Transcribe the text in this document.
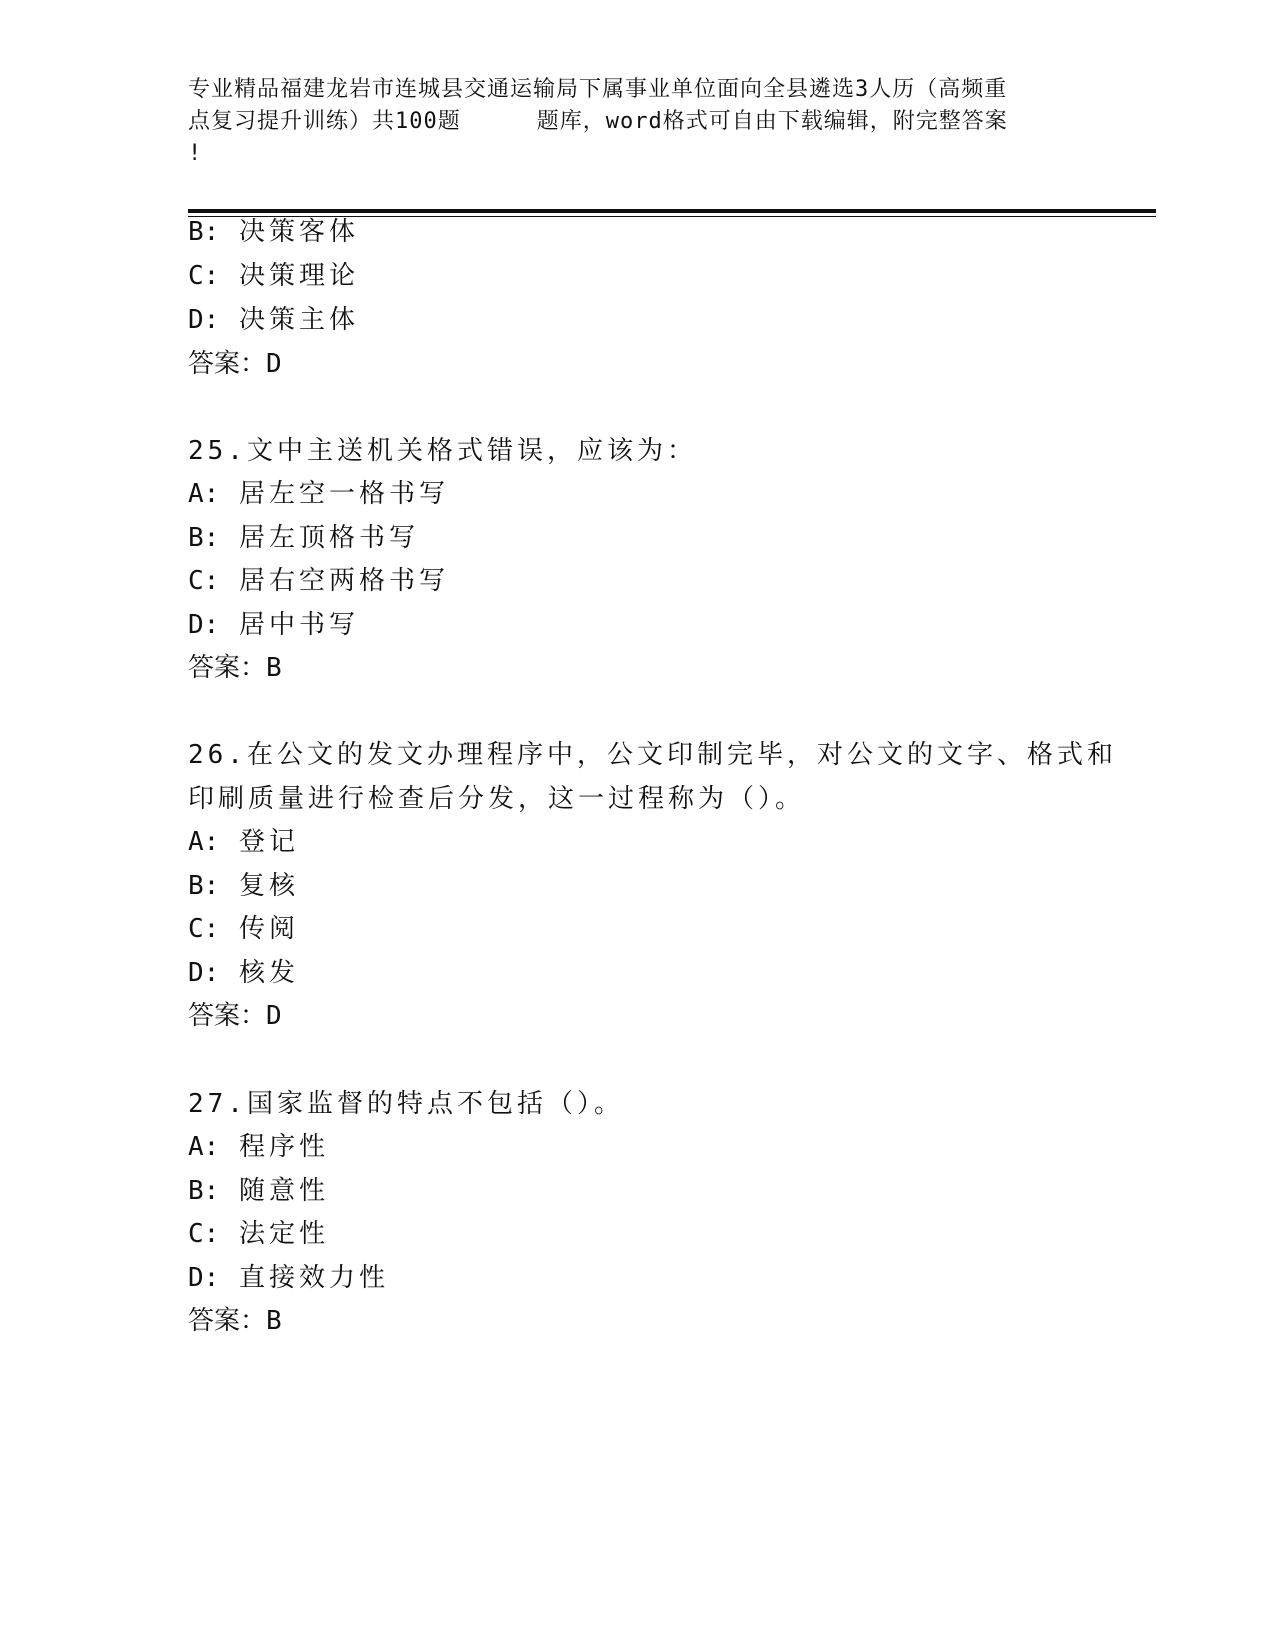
专业精品福建龙岩市连城县交通运输局下属事业单位面向全县遴选3人历（高频重
点复习提升训练）共100题	题库，word格式可自由下载编辑，附完整答案
!
B: 决策客体
C: 决策理论
D: 决策主体
答案：D
25.文中主送机关格式错误，应该为：
A: 居左空一格书写
B: 居左顶格书写
C: 居右空两格书写
D: 居中书写
答案：B
26.在公文的发文办理程序中，公文印制完毕，对公文的文字、格式和
印刷质量进行检查后分发，这一过程称为（）。
A: 登记
B: 复核
C: 传阅
D: 核发
答案：D
27.国家监督的特点不包括（）。
A: 程序性
B: 随意性
C: 法定性
D: 直接效力性
答案：B
